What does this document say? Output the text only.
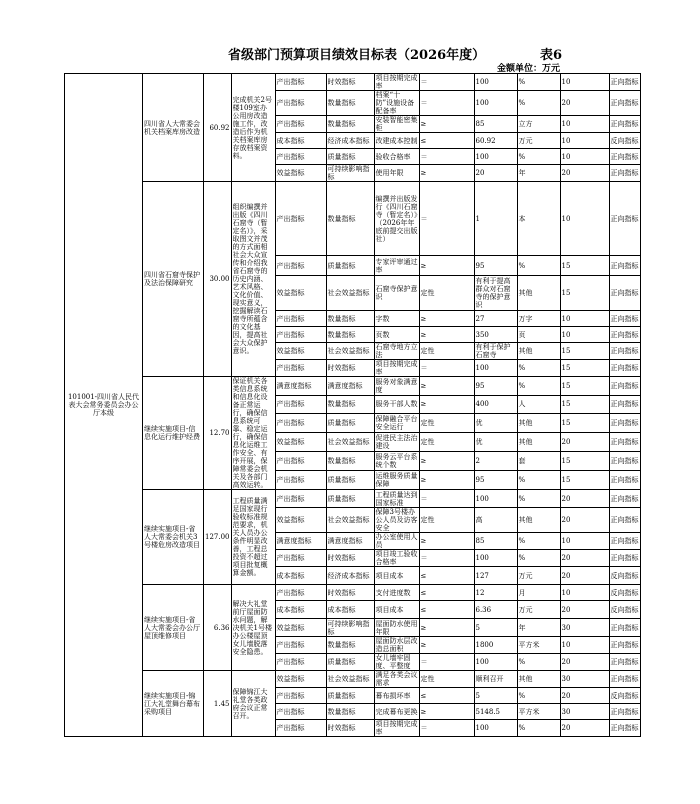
省级部门预算项目绩效目标表（2026年度）	表6
金额单位：万元
101001-四川省人民代表大会常务委员会办公厅本级	四川省人大常委会机关档案库房改造	60.92	完成机关2号楼109室办公用房改造施工作，改造后作为机关档案库房存放档案资料。	产出指标	时效指标	项目按期完成率	＝	100	%	10	正向指标
				产出指标	数量指标	档案“十防”设施设备配备率	＝	100	%	20	正向指标
				产出指标	数量指标	安装智能密集柜	≥	85	立方	10	正向指标
				成本指标	经济成本指标	改建成本控制	≤	60.92	万元	10	反向指标
				产出指标	质量指标	验收合格率	＝	100	%	10	正向指标
				效益指标	可持续影响指标	使用年限	≥	20	年	20	正向指标
	四川省石窟寺保护及法治保障研究	30.00	组织编撰并出版《四川石窟寺（暂定名）》，采取图文并茂的方式面相社会大众宣传和介绍我省石窟寺的历史内涵、艺术风格、文化价值、现实意义，挖掘解读石窟寺所蕴含的文化基因，提高社会大众保护意识。	产出指标	数量指标	编撰并出版发行《四川石窟寺（暂定名）》（2026年年底前提交出版社）	＝	1	本	10	正向指标
				产出指标	质量指标	专家评审通过率	≥	95	%	15	正向指标
				效益指标	社会效益指标	石窟寺保护意识	定性	有利于提高群众对石窟寺的保护意识	其他	15	正向指标
				产出指标	数量指标	字数	≥	27	万字	10	正向指标
				产出指标	数量指标	页数	≥	350	页	10	正向指标
				效益指标	社会效益指标	石窟寺地方立法	定性	有利于保护石窟寺	其他	15	正向指标
				产出指标	时效指标	项目按期完成率	＝	100	%	15	正向指标
	继续实施项目-信息化运行维护经费	12.70	保证机关各类信息系统和信息化设备正常运行，确保信息系统可靠、稳定运行，确保信息化运维工作安全、有序开展，保障常委会机关及各部门高效运转。	满意度指标	满意度指标	服务对象满意度	≥	95	%	15	正向指标
				产出指标	数量指标	服务干部人数	≥	400	人	15	正向指标
				产出指标	质量指标	保障融合平台安全运行	定性	优	其他	15	正向指标
				效益指标	社会效益指标	促进民主法治建设	定性	优	其他	20	正向指标
				产出指标	数量指标	服务云平台系统个数	≥	2	套	15	正向指标
				产出指标	质量指标	运维服务质量保障	≥	95	%	15	正向指标
	继续实施项目-省人大常委会机关3号楼危房改造项目	127.00	工程质量满足国家现行验收标准规范要求，机关人员办公条件明显改善，工程总投资不超过项目批复概算金额。	产出指标	质量指标	工程质量达到国家标准	＝	100	%	20	正向指标
				效益指标	社会效益指标	保障3号楼办公人员及访客安全	定性	高	其他	20	正向指标
				满意度指标	满意度指标	办公室使用人员	≥	85	%	10	正向指标
				产出指标	时效指标	项目竣工验收合格率	＝	100	%	20	正向指标
				成本指标	经济成本指标	项目成本	≤	127	万元	20	反向指标
	继续实施项目-省人大常委会办公厅屋顶维修项目	6.36	解决大礼堂前厅屋面防水问题，解决机关1号楼办公楼屋顶女儿墙脱落安全隐患。	产出指标	时效指标	支付进度数	≤	12	月	10	反向指标
				成本指标	成本指标	项目成本	≤	6.36	万元	20	反向指标
				效益指标	可持续影响指标	屋面防水使用年限	≥	5	年	30	正向指标
				产出指标	数量指标	屋面防水层改造总面积	≥	1800	平方米	10	正向指标
				产出指标	质量指标	女儿墙牢固度、平整度	＝	100	%	20	正向指标
	继续实施项目-锦江大礼堂舞台幕布采购项目	1.45	保障锦江大礼堂各类政府会议正常召开。	效益指标	社会效益指标	满足各类会议需求	定性	顺利召开	其他	30	正向指标
				产出指标	质量指标	幕布损坏率	≤	5	%	20	反向指标
				产出指标	数量指标	完成幕布更换	≥	5148.5	平方米	30	正向指标
				产出指标	时效指标	项目按期完成率	＝	100	%	20	正向指标
